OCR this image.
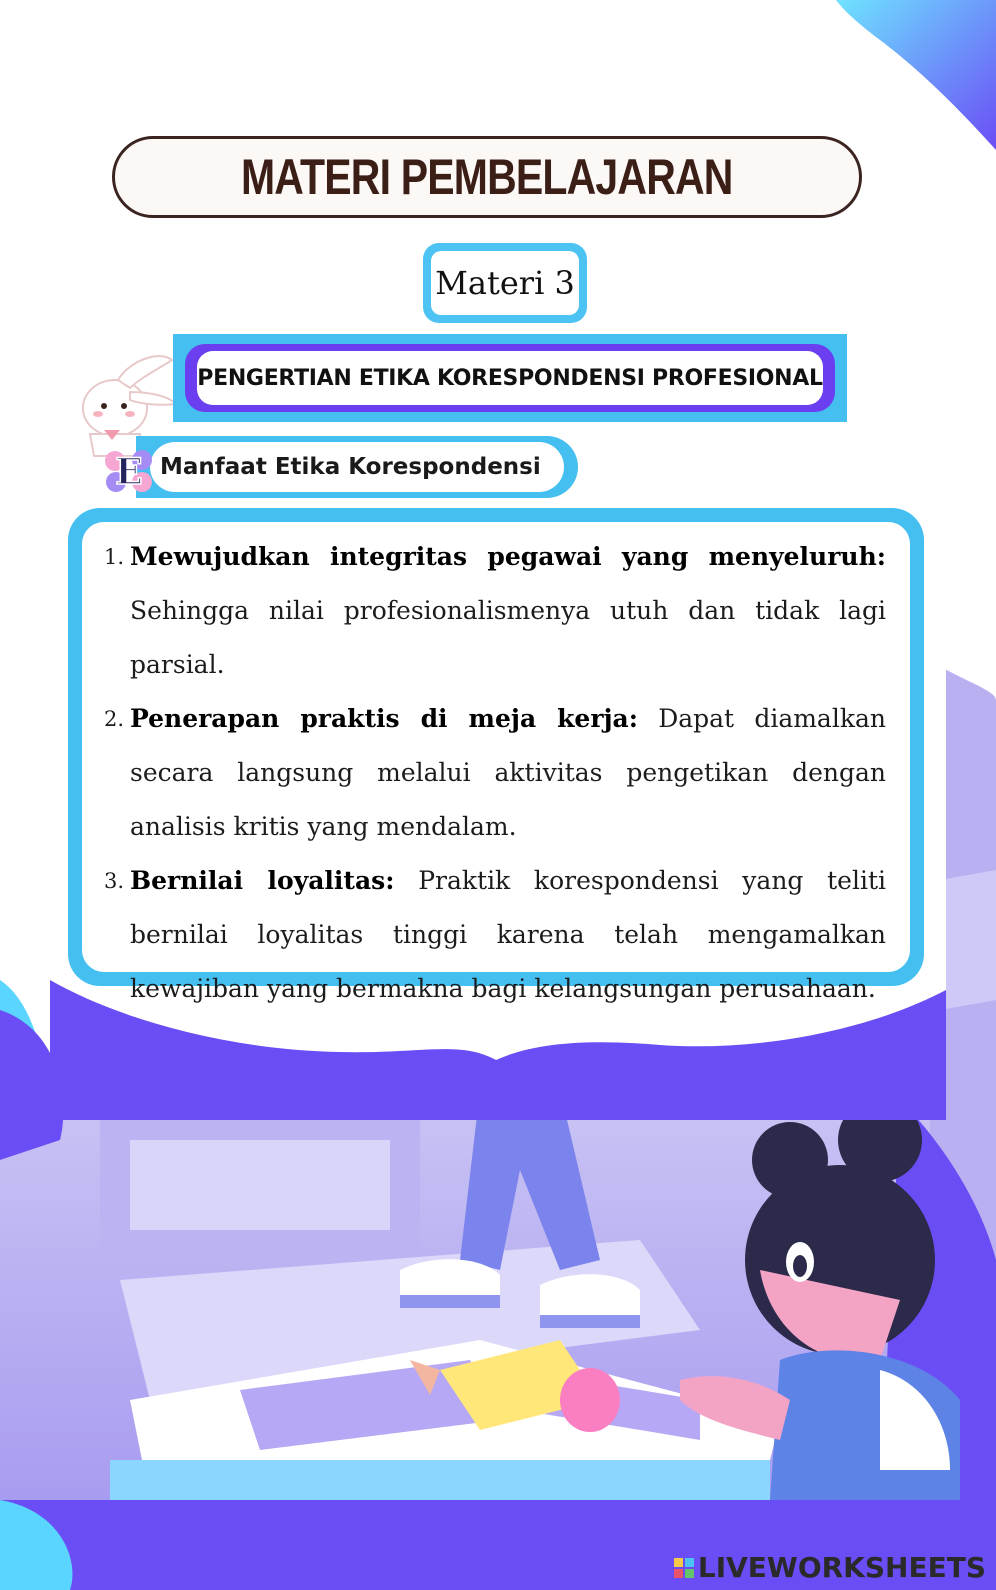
MATERI PEMBELAJARAN
Materi 3
PENGERTIAN ETIKA KORESPONDENSI PROFESIONAL
Manfaat Etika Korespondensi
E
1. Mewujudkan integritas pegawai yang menyeluruh: Sehingga nilai profesionalismenya utuh dan tidak lagi parsial.
2. Penerapan praktis di meja kerja: Dapat diamalkan secara langsung melalui aktivitas pengetikan dengan analisis kritis yang mendalam.
3. Bernilai loyalitas: Praktik korespondensi yang teliti bernilai loyalitas tinggi karena telah mengamalkan kewajiban yang bermakna bagi kelangsungan perusahaan.
LIVEWORKSHEETS
